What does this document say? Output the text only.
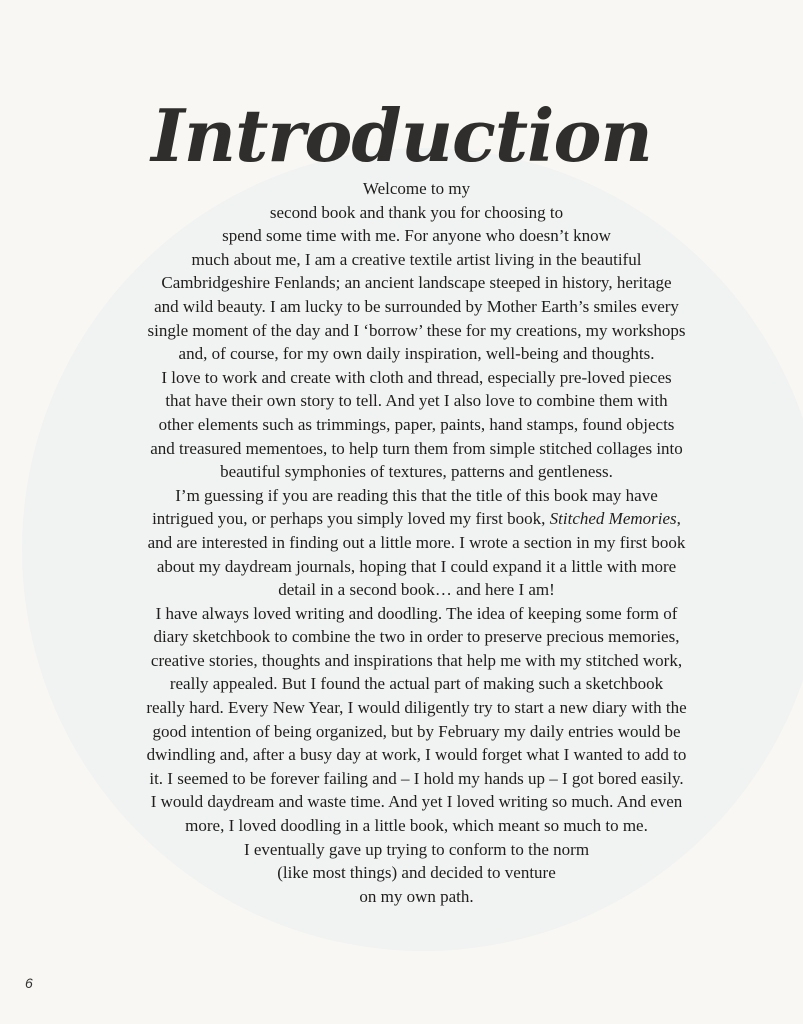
Introduction
Welcome to my
second book and thank you for choosing to
spend some time with me. For anyone who doesn’t know
much about me, I am a creative textile artist living in the beautiful
Cambridgeshire Fenlands; an ancient landscape steeped in history, heritage
and wild beauty. I am lucky to be surrounded by Mother Earth’s smiles every
single moment of the day and I ‘borrow’ these for my creations, my workshops
and, of course, for my own daily inspiration, well-being and thoughts.
I love to work and create with cloth and thread, especially pre-loved pieces
that have their own story to tell. And yet I also love to combine them with
other elements such as trimmings, paper, paints, hand stamps, found objects
and treasured mementoes, to help turn them from simple stitched collages into
beautiful symphonies of textures, patterns and gentleness.
I’m guessing if you are reading this that the title of this book may have
intrigued you, or perhaps you simply loved my first book, Stitched Memories,
and are interested in finding out a little more. I wrote a section in my first book
about my daydream journals, hoping that I could expand it a little with more
detail in a second book… and here I am!
I have always loved writing and doodling. The idea of keeping some form of
diary sketchbook to combine the two in order to preserve precious memories,
creative stories, thoughts and inspirations that help me with my stitched work,
really appealed. But I found the actual part of making such a sketchbook
really hard. Every New Year, I would diligently try to start a new diary with the
good intention of being organized, but by February my daily entries would be
dwindling and, after a busy day at work, I would forget what I wanted to add to
it. I seemed to be forever failing and – I hold my hands up – I got bored easily.
I would daydream and waste time. And yet I loved writing so much. And even
more, I loved doodling in a little book, which meant so much to me.
I eventually gave up trying to conform to the norm
(like most things) and decided to venture
on my own path.
6
